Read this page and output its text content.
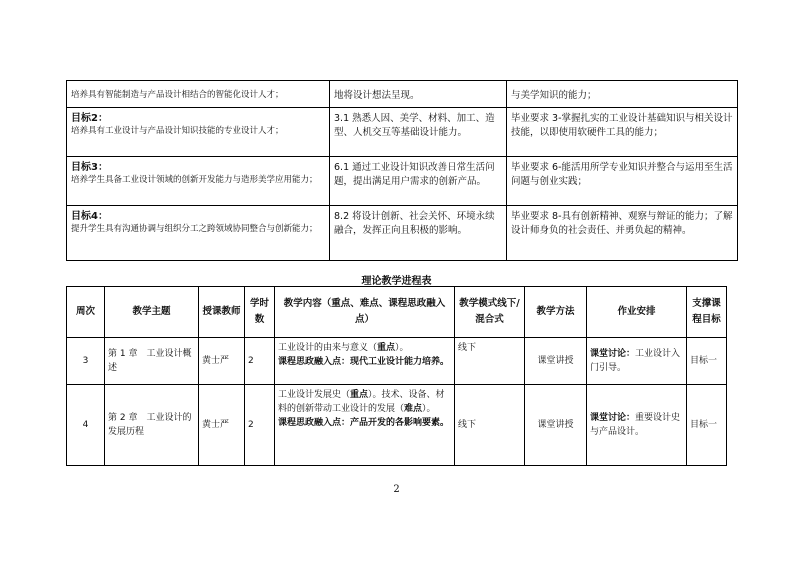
培养具有智能制造与产品设计相结合的智能化设计人才；	地将设计想法呈现。	与美学知识的能力；

目标2：
培养具有工业设计与产品设计知识技能的专业设计人才；	3.1 熟悉人因、美学、材料、加工、造型、人机交互等基础设计能力。	毕业要求 3-掌握扎实的工业设计基础知识与相关设计技能，以即使用软硬件工具的能力；

目标3：
培养学生具备工业设计领域的创新开发能力与造形美学应用能力；	6.1 通过工业设计知识改善日常生活问题，提出满足用户需求的创新产品。	毕业要求 6-能活用所学专业知识并整合与运用至生活问题与创业实践；

目标4：
提升学生具有沟通协调与组织分工之跨领域协同整合与创新能力；	8.2 将设计创新、社会关怀、环境永续融合，发挥正向且积极的影响。	毕业要求 8-具有创新精神、观察与辩证的能力；了解设计师身负的社会责任、并勇负起的精神。
理论教学进程表
周次	教学主题	授课教师	学时数	教学内容（重点、难点、课程思政融入点）	教学模式线下/混合式	教学方法	作业安排	支撑课程目标
3	第 1 章　工业设计概述	黄士严	2	工业设计的由来与意义（重点）。
课程思政融入点：现代工业设计能力培养。	线下	课堂讲授	课堂讨论：工业设计入门引导。	目标一
4	第 2 章　工业设计的发展历程	黄士严	2	工业设计发展史（重点）。技术、设备、材料的创新带动工业设计的发展（难点）。
课程思政融入点：产品开发的各影响要素。	线下	课堂讲授	课堂讨论：重要设计史与产品设计。	目标一
2
